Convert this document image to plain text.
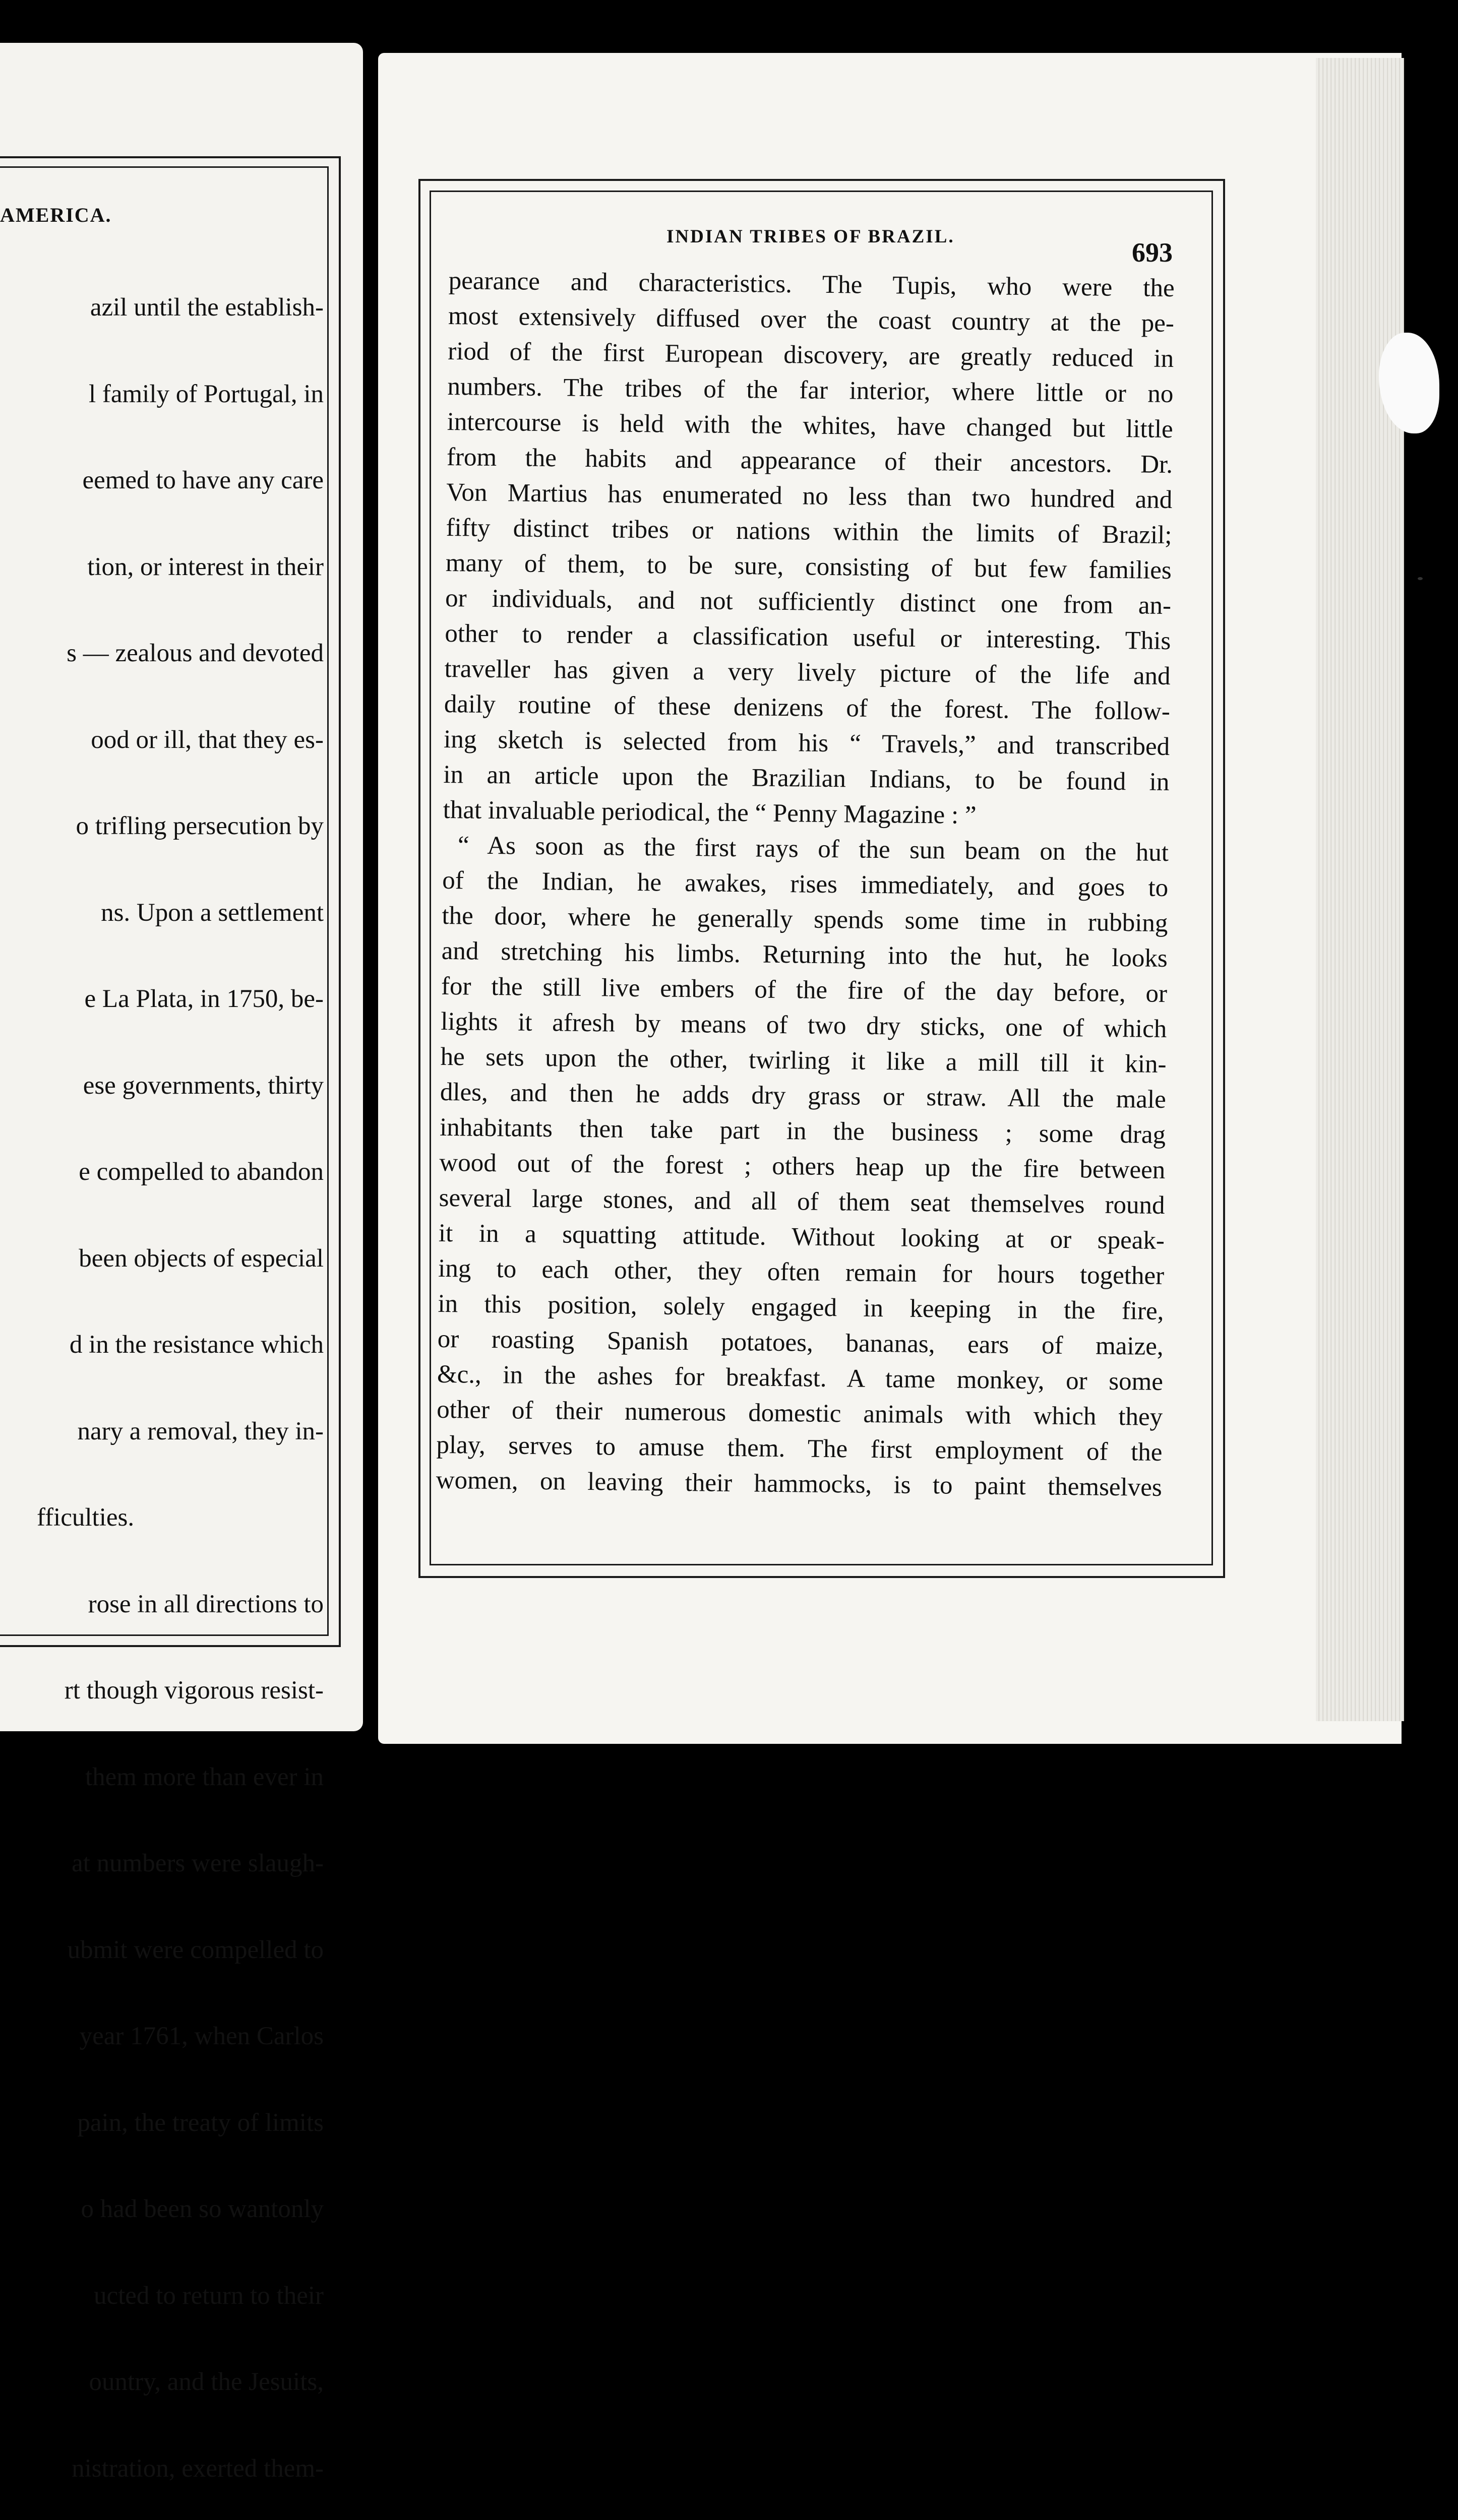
AMERICA.

azil until the establish-

l family of Portugal, in

eemed to have any care

tion, or interest in their

s — zealous and devoted

ood or ill, that they es-

o trifling persecution by

ns. Upon a settlement

e La Plata, in 1750, be-

ese governments, thirty

e compelled to abandon

been objects of especial

d in the resistance which

nary a removal, they in-

fficulties.

rose in all directions to

rt though vigorous resist-

them more than ever in

at numbers were slaugh-

ubmit were compelled to

year 1761, when Carlos

pain, the treaty of limits

o had been so wantonly

ucted to return to their

ountry, and the Jesuits,

nistration, exerted them-

INDIAN TRIBES OF BRAZIL.
693
pearance and characteristics. The Tupis, who were the
most extensively diffused over the coast country at the pe-
riod of the first European discovery, are greatly reduced in
numbers. The tribes of the far interior, where little or no
intercourse is held with the whites, have changed but little
from the habits and appearance of their ancestors. Dr.
Von Martius has enumerated no less than two hundred and
fifty distinct tribes or nations within the limits of Brazil;
many of them, to be sure, consisting of but few families
or individuals, and not sufficiently distinct one from an-
other to render a classification useful or interesting. This
traveller has given a very lively picture of the life and
daily routine of these denizens of the forest. The follow-
ing sketch is selected from his “ Travels,” and transcribed
in an article upon the Brazilian Indians, to be found in
that invaluable periodical, the “ Penny Magazine : ”
“ As soon as the first rays of the sun beam on the hut
of the Indian, he awakes, rises immediately, and goes to
the door, where he generally spends some time in rubbing
and stretching his limbs. Returning into the hut, he looks
for the still live embers of the fire of the day before, or
lights it afresh by means of two dry sticks, one of which
he sets upon the other, twirling it like a mill till it kin-
dles, and then he adds dry grass or straw. All the male
inhabitants then take part in the business ; some drag
wood out of the forest ; others heap up the fire between
several large stones, and all of them seat themselves round
it in a squatting attitude. Without looking at or speak-
ing to each other, they often remain for hours together
in this position, solely engaged in keeping in the fire,
or roasting Spanish potatoes, bananas, ears of maize,
&c., in the ashes for breakfast. A tame monkey, or some
other of their numerous domestic animals with which they
play, serves to amuse them. The first employment of the
women, on leaving their hammocks, is to paint themselves
